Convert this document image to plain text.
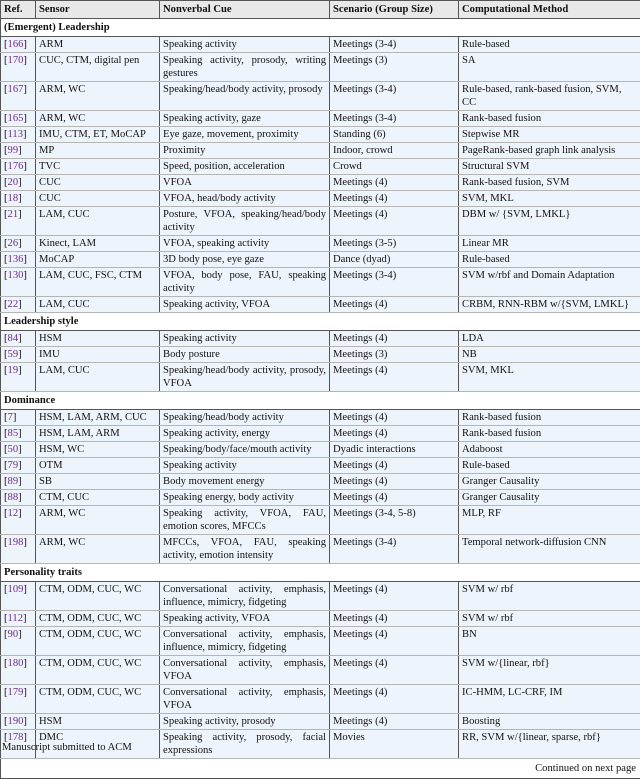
Ref.	Sensor	Nonverbal Cue	Scenario (Group Size)	Computational Method
(Emergent) Leadership				
[166]	ARM	Speaking activity	Meetings (3-4)	Rule-based
[170]	CUC, CTM, digital pen	Speaking activity, prosody, writing gestures	Meetings (3)	SA
[167]	ARM, WC	Speaking/head/body activity, prosody	Meetings (3-4)	Rule-based, rank-based fusion, SVM, CC
[165]	ARM, WC	Speaking activity, gaze	Meetings (3-4)	Rank-based fusion
[113]	IMU, CTM, ET, MoCAP	Eye gaze, movement, proximity	Standing (6)	Stepwise MR
[99]	MP	Proximity	Indoor, crowd	PageRank-based graph link analysis
[176]	TVC	Speed, position, acceleration	Crowd	Structural SVM
[20]	CUC	VFOA	Meetings (4)	Rank-based fusion, SVM
[18]	CUC	VFOA, head/body activity	Meetings (4)	SVM, MKL
[21]	LAM, CUC	Posture, VFOA, speaking/head/body activity	Meetings (4)	DBM w/ {SVM, LMKL}
[26]	Kinect, LAM	VFOA, speaking activity	Meetings (3-5)	Linear MR
[136]	MoCAP	3D body pose, eye gaze	Dance (dyad)	Rule-based
[130]	LAM, CUC, FSC, CTM	VFOA, body pose, FAU, speaking activity	Meetings (3-4)	SVM w/rbf and Domain Adaptation
[22]	LAM, CUC	Speaking activity, VFOA	Meetings (4)	CRBM, RNN-RBM w/{SVM, LMKL}
Leadership style				
[84]	HSM	Speaking activity	Meetings (4)	LDA
[59]	IMU	Body posture	Meetings (3)	NB
[19]	LAM, CUC	Speaking/head/body activity, prosody, VFOA	Meetings (4)	SVM, MKL
Dominance				
[7]	HSM, LAM, ARM, CUC	Speaking/head/body activity	Meetings (4)	Rank-based fusion
[85]	HSM, LAM, ARM	Speaking activity, energy	Meetings (4)	Rank-based fusion
[50]	HSM, WC	Speaking/body/face/mouth activity	Dyadic interactions	Adaboost
[79]	OTM	Speaking activity	Meetings (4)	Rule-based
[89]	SB	Body movement energy	Meetings (4)	Granger Causality
[88]	CTM, CUC	Speaking energy, body activity	Meetings (4)	Granger Causality
[12]	ARM, WC	Speaking activity, VFOA, FAU, emotion scores, MFCCs	Meetings (3-4, 5-8)	MLP, RF
[198]	ARM, WC	MFCCs, VFOA, FAU, speaking activity, emotion intensity	Meetings (3-4)	Temporal network-diffusion CNN
Personality traits				
[109]	CTM, ODM, CUC, WC	Conversational activity, emphasis, influence, mimicry, fidgeting	Meetings (4)	SVM w/ rbf
[112]	CTM, ODM, CUC, WC	Speaking activity, VFOA	Meetings (4)	SVM w/ rbf
[90]	CTM, ODM, CUC, WC	Conversational activity, emphasis, influence, mimicry, fidgeting	Meetings (4)	BN
[180]	CTM, ODM, CUC, WC	Conversational activity, emphasis, VFOA	Meetings (4)	SVM w/{linear, rbf}
[179]	CTM, ODM, CUC, WC	Conversational activity, emphasis, VFOA	Meetings (4)	IC-HMM, LC-CRF, IM
[190]	HSM	Speaking activity, prosody	Meetings (4)	Boosting
[178]	DMC	Speaking activity, prosody, facial expressions	Movies	RR, SVM w/{linear, sparse, rbf}
Continued on next page				
Manuscript submitted to ACM
